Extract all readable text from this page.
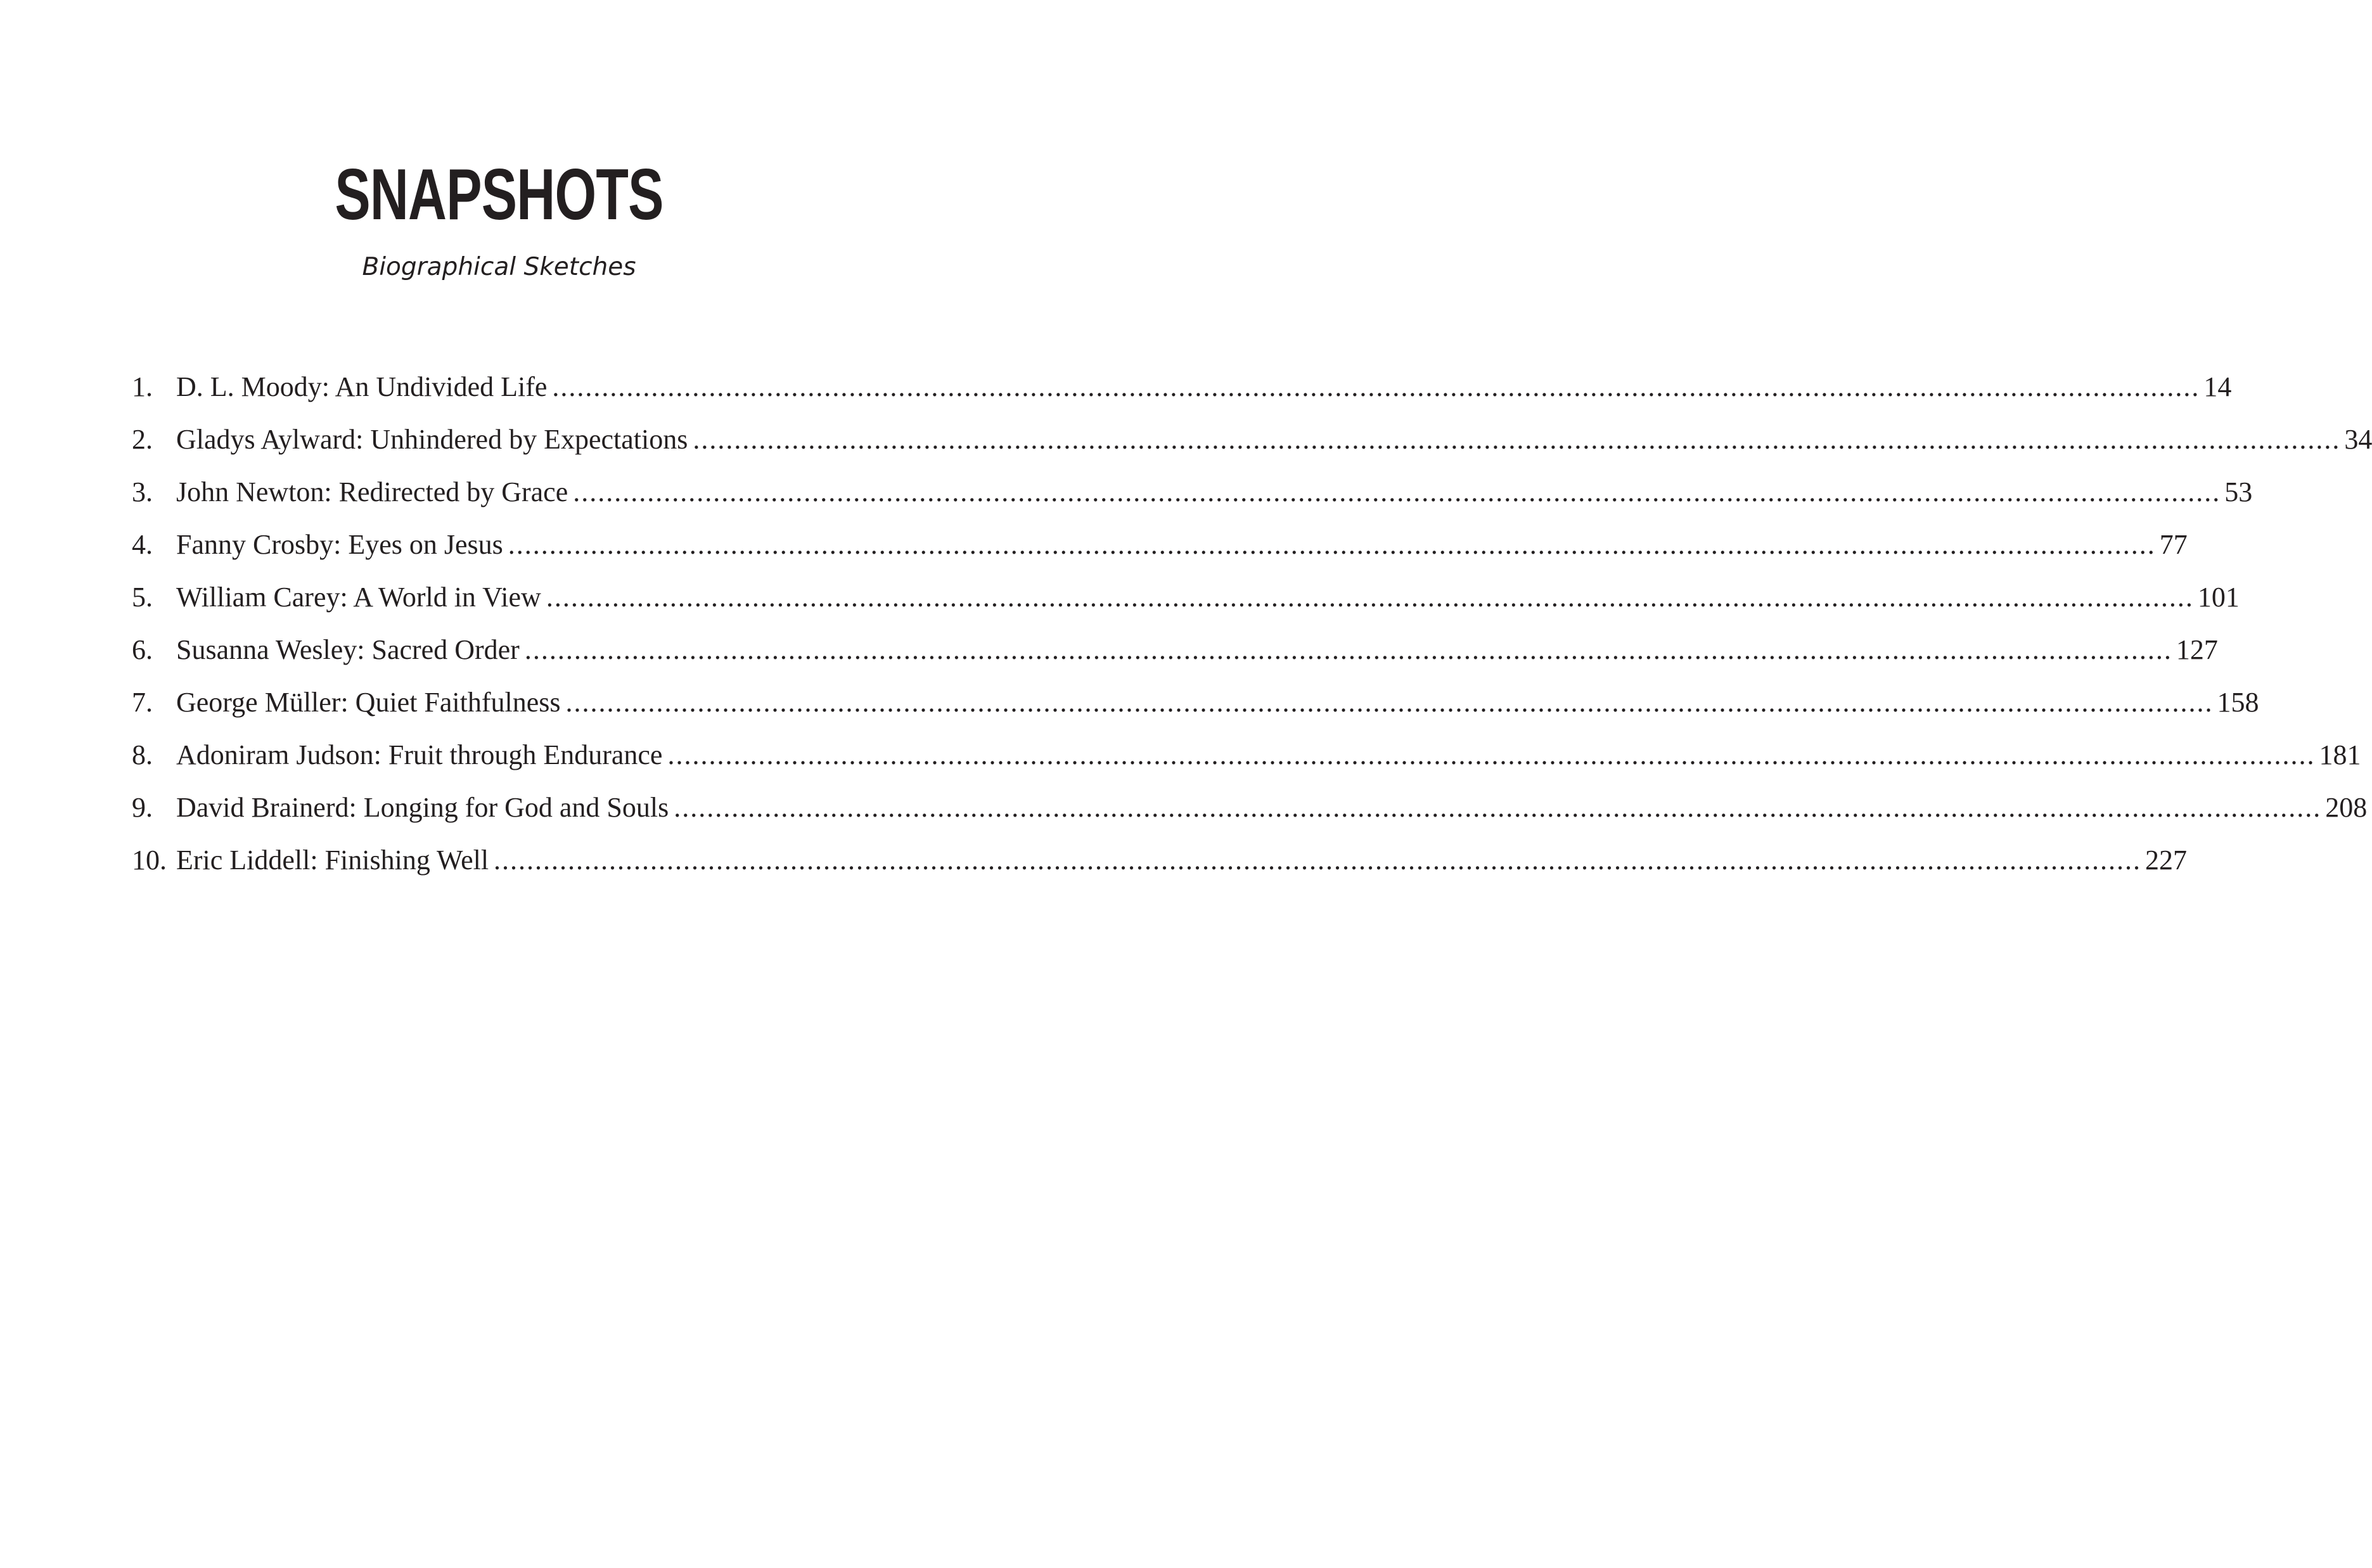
SNAPSHOTS
Biographical Sketches
1. D. L. Moody: An Undivided Life ........................................................................................................................................................................................................ 14
2. Gladys Aylward: Unhindered by Expectations ........................................................................................................................................................................................................ 34
3. John Newton: Redirected by Grace ........................................................................................................................................................................................................ 53
4. Fanny Crosby: Eyes on Jesus ........................................................................................................................................................................................................ 77
5. William Carey: A World in View ........................................................................................................................................................................................................ 101
6. Susanna Wesley: Sacred Order ........................................................................................................................................................................................................ 127
7. George Müller: Quiet Faithfulness ........................................................................................................................................................................................................ 158
8. Adoniram Judson: Fruit through Endurance ........................................................................................................................................................................................................ 181
9. David Brainerd: Longing for God and Souls ........................................................................................................................................................................................................ 208
10. Eric Liddell: Finishing Well ........................................................................................................................................................................................................ 227
